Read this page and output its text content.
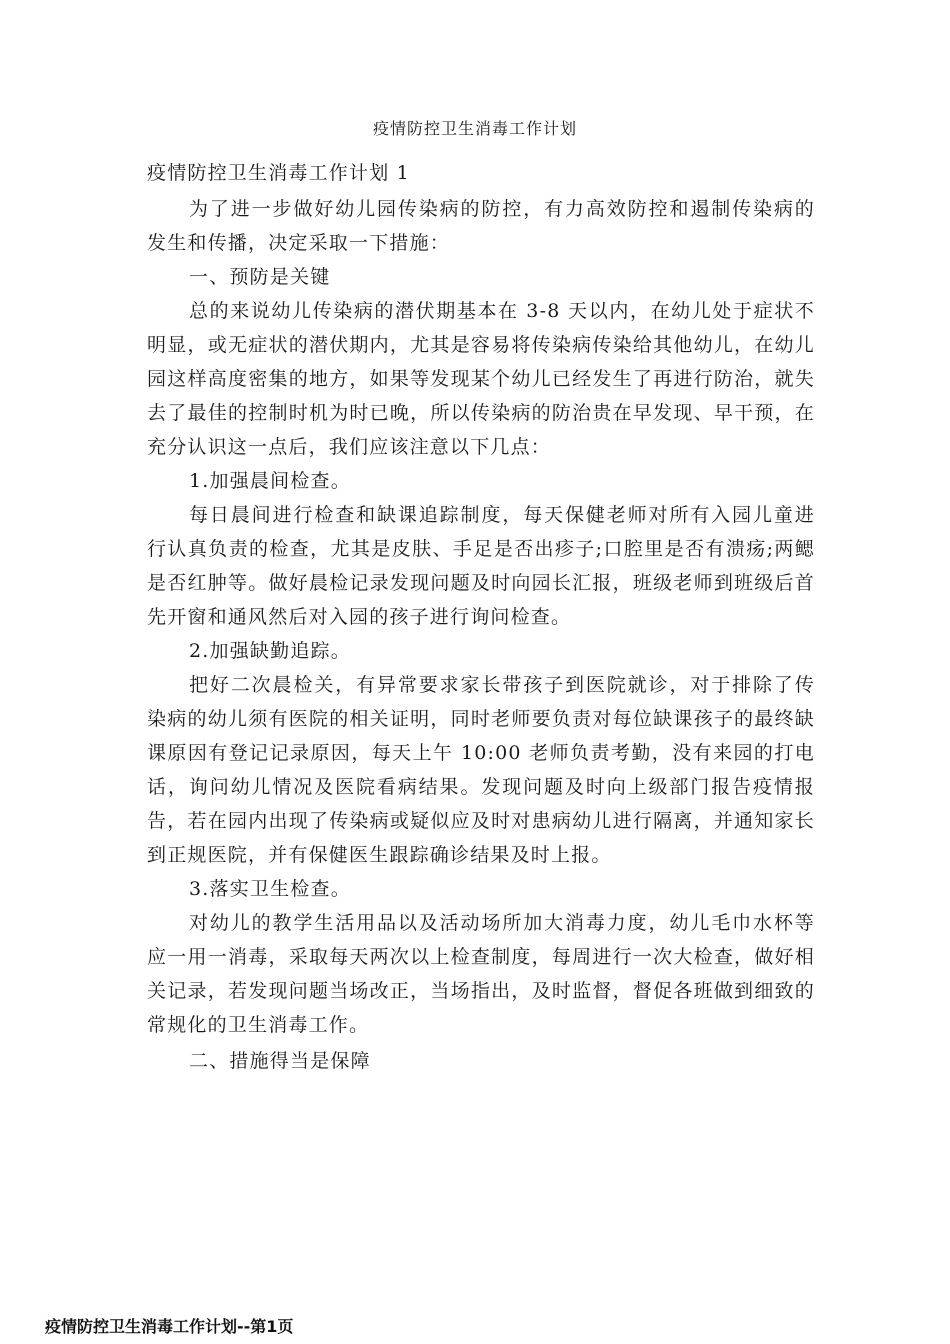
疫情防控卫生消毒工作计划

疫情防控卫生消毒工作计划 1

为了进一步做好幼儿园传染病的防控，有力高效防控和遏制传染病的发生和传播，决定采取一下措施：

一、预防是关键

总的来说幼儿传染病的潜伏期基本在 3-8 天以内，在幼儿处于症状不明显，或无症状的潜伏期内，尤其是容易将传染病传染给其他幼儿，在幼儿园这样高度密集的地方，如果等发现某个幼儿已经发生了再进行防治，就失去了最佳的控制时机为时已晚，所以传染病的防治贵在早发现、早干预，在充分认识这一点后，我们应该注意以下几点：

1.加强晨间检查。

每日晨间进行检查和缺课追踪制度，每天保健老师对所有入园儿童进行认真负责的检查，尤其是皮肤、手足是否出疹子;口腔里是否有溃疡;两鳃是否红肿等。做好晨检记录发现问题及时向园长汇报，班级老师到班级后首先开窗和通风然后对入园的孩子进行询问检查。

2.加强缺勤追踪。

把好二次晨检关，有异常要求家长带孩子到医院就诊，对于排除了传染病的幼儿须有医院的相关证明，同时老师要负责对每位缺课孩子的最终缺课原因有登记记录原因，每天上午 10:00 老师负责考勤，没有来园的打电话，询问幼儿情况及医院看病结果。发现问题及时向上级部门报告疫情报告，若在园内出现了传染病或疑似应及时对患病幼儿进行隔离，并通知家长到正规医院，并有保健医生跟踪确诊结果及时上报。

3.落实卫生检查。

对幼儿的教学生活用品以及活动场所加大消毒力度，幼儿毛巾水杯等应一用一消毒，采取每天两次以上检查制度，每周进行一次大检查，做好相关记录，若发现问题当场改正，当场指出，及时监督，督促各班做到细致的常规化的卫生消毒工作。

二、措施得当是保障

疫情防控卫生消毒工作计划--第1页
